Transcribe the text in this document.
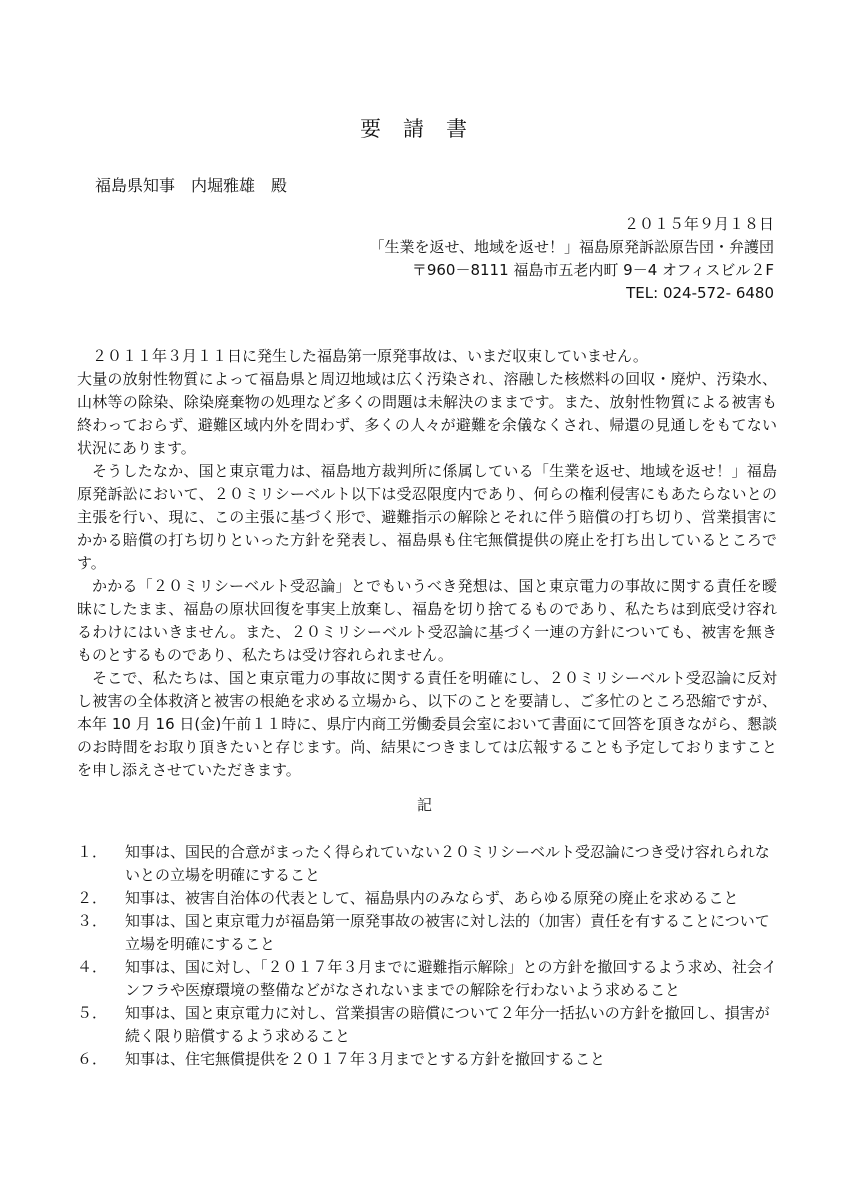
要請書
福島県知事　内堀雅雄　殿
２０１５年９月１８日
「生業を返せ、地域を返せ！」福島原発訴訟原告団・弁護団
〒960－8111 福島市五老内町 9－4 オフィスビル２F
TEL: 024-572- 6480

２０１１年３月１１日に発生した福島第一原発事故は、いまだ収束していません。

大量の放射性物質によって福島県と周辺地域は広く汚染され、溶融した核燃料の回収・廃炉、汚染水、山林等の除染、除染廃棄物の処理など多くの問題は未解決のままです。また、放射性物質による被害も終わっておらず、避難区域内外を問わず、多くの人々が避難を余儀なくされ、帰還の見通しをもてない状況にあります。

そうしたなか、国と東京電力は、福島地方裁判所に係属している「生業を返せ、地域を返せ！」福島原発訴訟において、２０ミリシーベルト以下は受忍限度内であり、何らの権利侵害にもあたらないとの主張を行い、現に、この主張に基づく形で、避難指示の解除とそれに伴う賠償の打ち切り、営業損害にかかる賠償の打ち切りといった方針を発表し、福島県も住宅無償提供の廃止を打ち出しているところです。

かかる「２０ミリシーベルト受忍論」とでもいうべき発想は、国と東京電力の事故に関する責任を曖昧にしたまま、福島の原状回復を事実上放棄し、福島を切り捨てるものであり、私たちは到底受け容れるわけにはいきません。また、２０ミリシーベルト受忍論に基づく一連の方針についても、被害を無きものとするものであり、私たちは受け容れられません。

そこで、私たちは、国と東京電力の事故に関する責任を明確にし、２０ミリシーベルト受忍論に反対し被害の全体救済と被害の根絶を求める立場から、以下のことを要請し、ご多忙のところ恐縮ですが、本年 10 月 16 日(金)午前１１時に、県庁内商工労働委員会室において書面にて回答を頂きながら、懇談のお時間をお取り頂きたいと存じます。尚、結果につきましては広報することも予定しておりますことを申し添えさせていただきます。

記
１．	知事は、国民的合意がまったく得られていない２０ミリシーベルト受忍論につき受け容れられないとの立場を明確にすること
２．	知事は、被害自治体の代表として、福島県内のみならず、あらゆる原発の廃止を求めること
３．	知事は、国と東京電力が福島第一原発事故の被害に対し法的（加害）責任を有することについて立場を明確にすること
４．	知事は、国に対し、「２０１７年３月までに避難指示解除」との方針を撤回するよう求め、社会インフラや医療環境の整備などがなされないままでの解除を行わないよう求めること
５．	知事は、国と東京電力に対し、営業損害の賠償について２年分一括払いの方針を撤回し、損害が続く限り賠償するよう求めること
６．	知事は、住宅無償提供を２０１７年３月までとする方針を撤回すること
